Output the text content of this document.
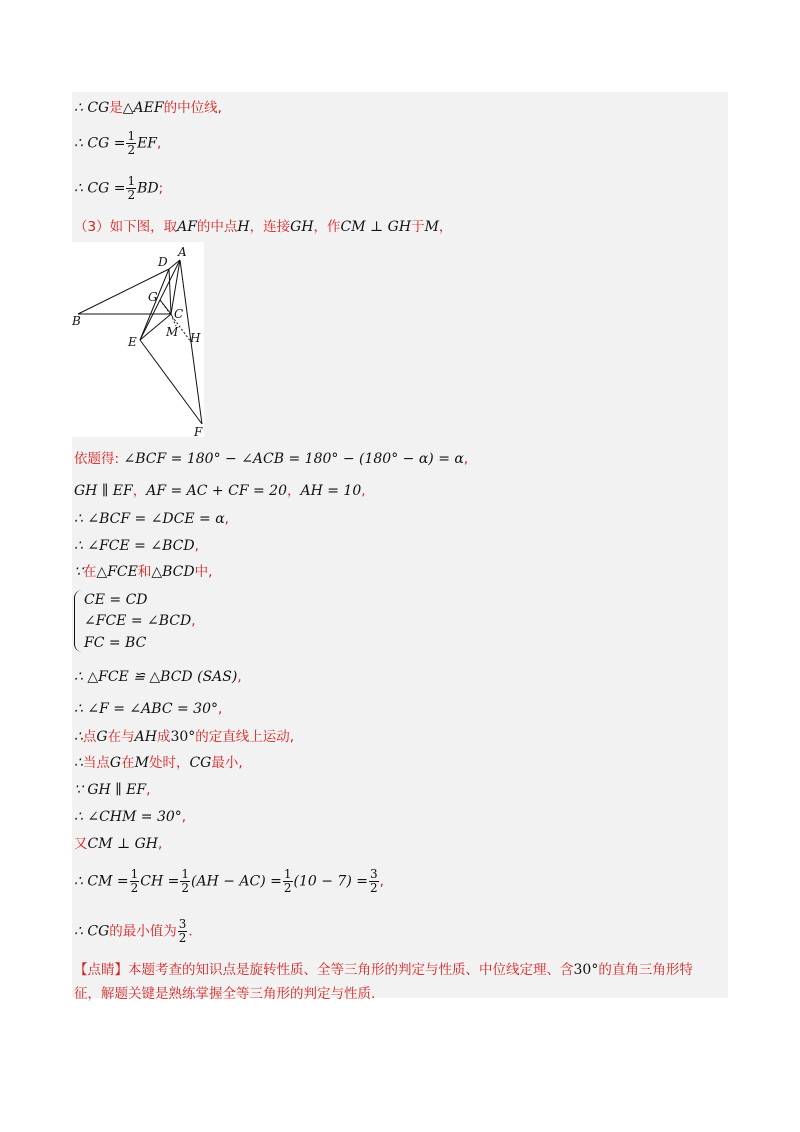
∴ CG是△AEF的中位线,
∴ CG = $\frac{1}{2}$ EF,
∴ CG = $\frac{1}{2}$ BD;
（3）如下图，取AF的中点H，连接GH，作CM ⊥ GH于M，
D
A
G
B	C
M H
E
F
依题得: ∠BCF = 180° − ∠ACB = 180° − (180° − α) = α,
GH ∥ EF，AF = AC + CF = 20，AH = 10,
∴ ∠BCF = ∠DCE = α,
∴ ∠FCE = ∠BCD,
∵在△FCE和△BCD中,
CE = CD
∠FCE = ∠BCD,
FC = BC
∴ △FCE ≌ △BCD (SAS),
∴ ∠F = ∠ABC = 30°,
∴点G在与AH成30°的定直线上运动,
∴当点G在M处时，CG最小,
∵ GH ∥ EF,
∴ ∠CHM = 30°,
又CM ⊥ GH,
∴ CM = $\frac{1}{2}$ CH = $\frac{1}{2} (AH - AC) = \frac{1}{2} (10 - 7) = \frac{3}{2}$ ,
∴ CG的最小值为 $\frac{3}{2}$ .
【点睛】本题考查的知识点是旋转性质、全等三角形的判定与性质、中位线定理、含30°的直角三角形特
征，解题关键是熟练掌握全等三角形的判定与性质.
